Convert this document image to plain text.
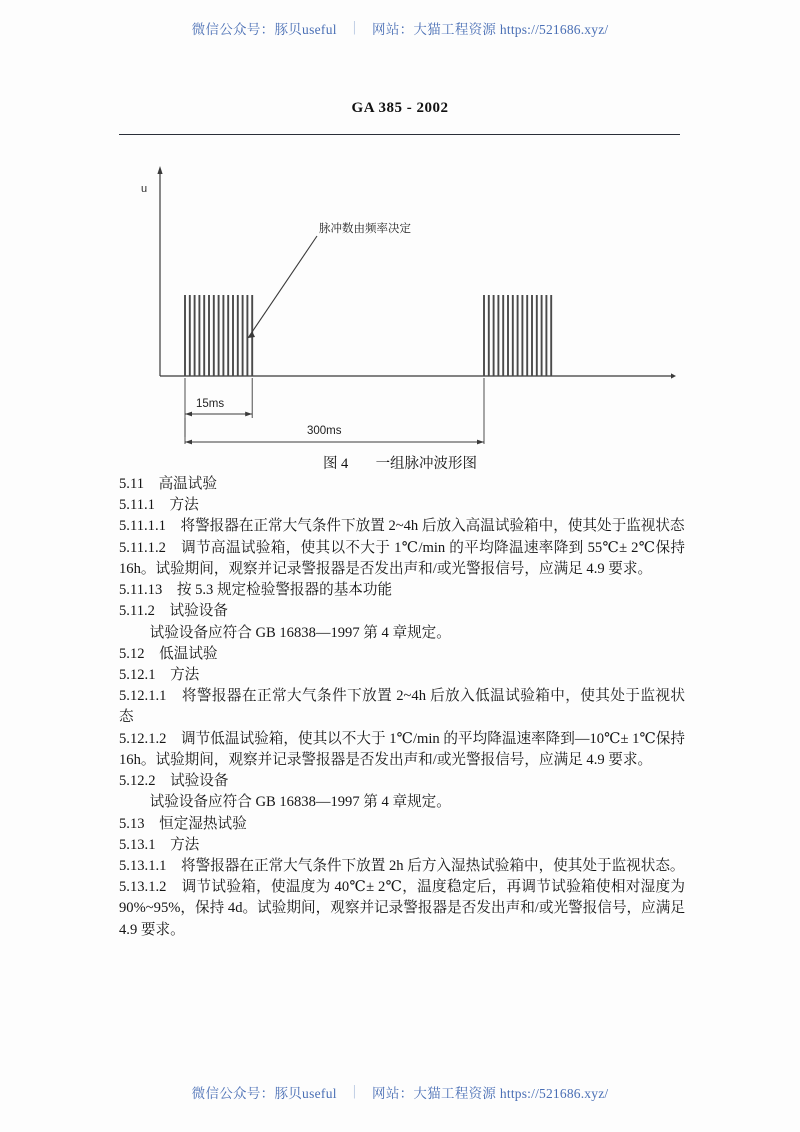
微信公众号：豚贝useful ｜ 网站：大猫工程资源 https://521686.xyz/
GA 385 - 2002
u
脉冲数由频率决定
15ms
300ms
图 4 一组脉冲波形图

5.11　高温试验

5.11.1　方法

5.11.1.1　将警报器在正常大气条件下放置 2~4h 后放入高温试验箱中，使其处于监视状态

5.11.1.2　调节高温试验箱，使其以不大于 1℃/min 的平均降温速率降到 55℃± 2℃保持 16h。试验期间，观察并记录警报器是否发出声和/或光警报信号，应满足 4.9 要求。

5.11.13　按 5.3 规定检验警报器的基本功能

5.11.2　试验设备

试验设备应符合 GB 16838—1997 第 4 章规定。

5.12　低温试验

5.12.1　方法

5.12.1.1　将警报器在正常大气条件下放置 2~4h 后放入低温试验箱中，使其处于监视状态

5.12.1.2　调节低温试验箱，使其以不大于 1℃/min 的平均降温速率降到—10℃± 1℃保持 16h。试验期间，观察并记录警报器是否发出声和/或光警报信号，应满足 4.9 要求。

5.12.2　试验设备

试验设备应符合 GB 16838—1997 第 4 章规定。

5.13　恒定湿热试验

5.13.1　方法

5.13.1.1　将警报器在正常大气条件下放置 2h 后方入湿热试验箱中，使其处于监视状态。

5.13.1.2　调节试验箱，使温度为 40℃± 2℃，温度稳定后，再调节试验箱使相对湿度为 90%~95%，保持 4d。试验期间，观察并记录警报器是否发出声和/或光警报信号，应满足 4.9 要求。

微信公众号：豚贝useful ｜ 网站：大猫工程资源 https://521686.xyz/
